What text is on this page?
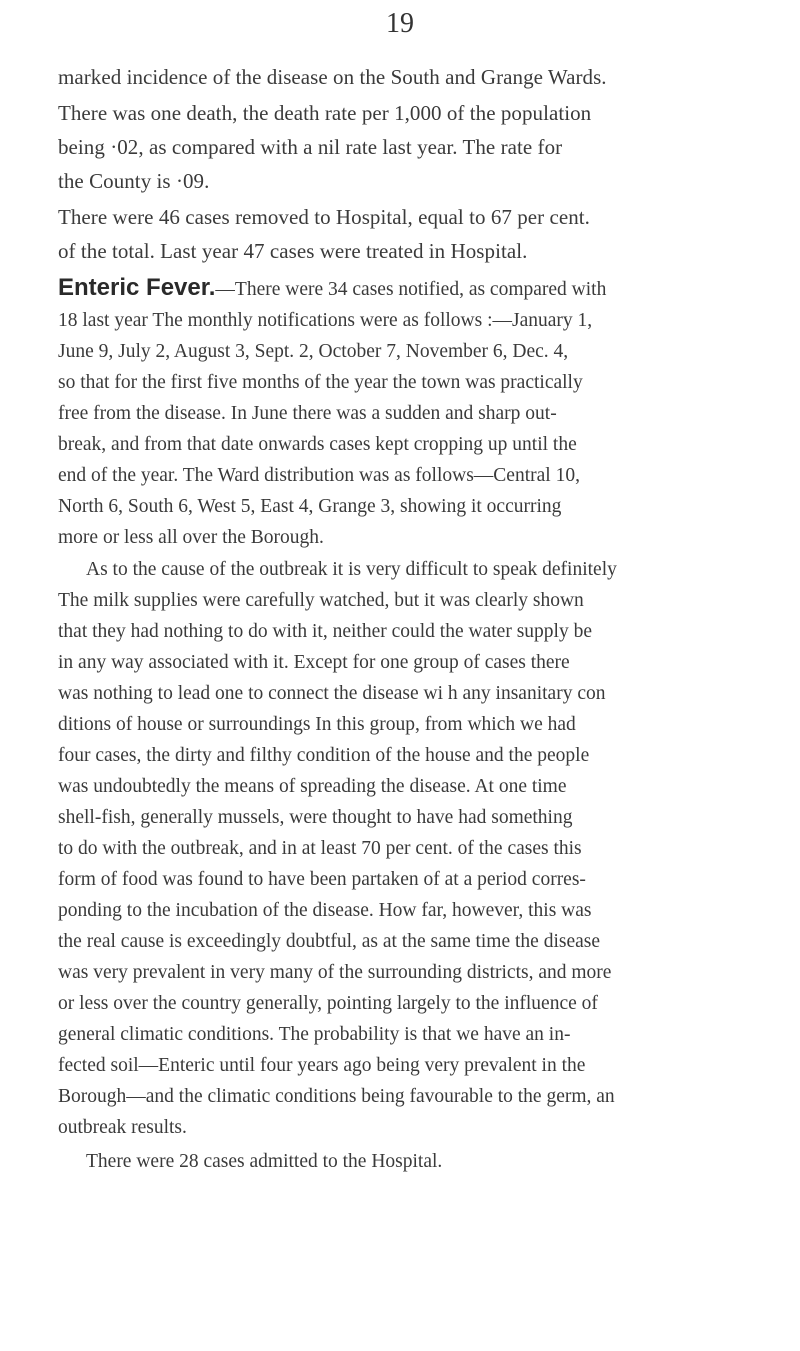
19
marked incidence of the disease on the South and Grange Wards.
There was one death, the death rate per 1,000 of the population
being ·02, as compared with a nil rate last year. The rate for
the County is ·09.
There were 46 cases removed to Hospital, equal to 67 per cent.
of the total. Last year 47 cases were treated in Hospital.
Enteric Fever.—There were 34 cases notified, as compared with
18 last year The monthly notifications were as follows :—January 1,
June 9, July 2, August 3, Sept. 2, October 7, November 6, Dec. 4,
so that for the first five months of the year the town was practically
free from the disease. In June there was a sudden and sharp out-
break, and from that date onwards cases kept cropping up until the
end of the year. The Ward distribution was as follows—Central 10,
North 6, South 6, West 5, East 4, Grange 3, showing it occurring
more or less all over the Borough.
As to the cause of the outbreak it is very difficult to speak definitely
The milk supplies were carefully watched, but it was clearly shown
that they had nothing to do with it, neither could the water supply be
in any way associated with it. Except for one group of cases there
was nothing to lead one to connect the disease wi h any insanitary con
ditions of house or surroundings In this group, from which we had
four cases, the dirty and filthy condition of the house and the people
was undoubtedly the means of spreading the disease. At one time
shell-fish, generally mussels, were thought to have had something
to do with the outbreak, and in at least 70 per cent. of the cases this
form of food was found to have been partaken of at a period corres-
ponding to the incubation of the disease. How far, however, this was
the real cause is exceedingly doubtful, as at the same time the disease
was very prevalent in very many of the surrounding districts, and more
or less over the country generally, pointing largely to the influence of
general climatic conditions. The probability is that we have an in-
fected soil—Enteric until four years ago being very prevalent in the
Borough—and the climatic conditions being favourable to the germ, an
outbreak results.
There were 28 cases admitted to the Hospital.
